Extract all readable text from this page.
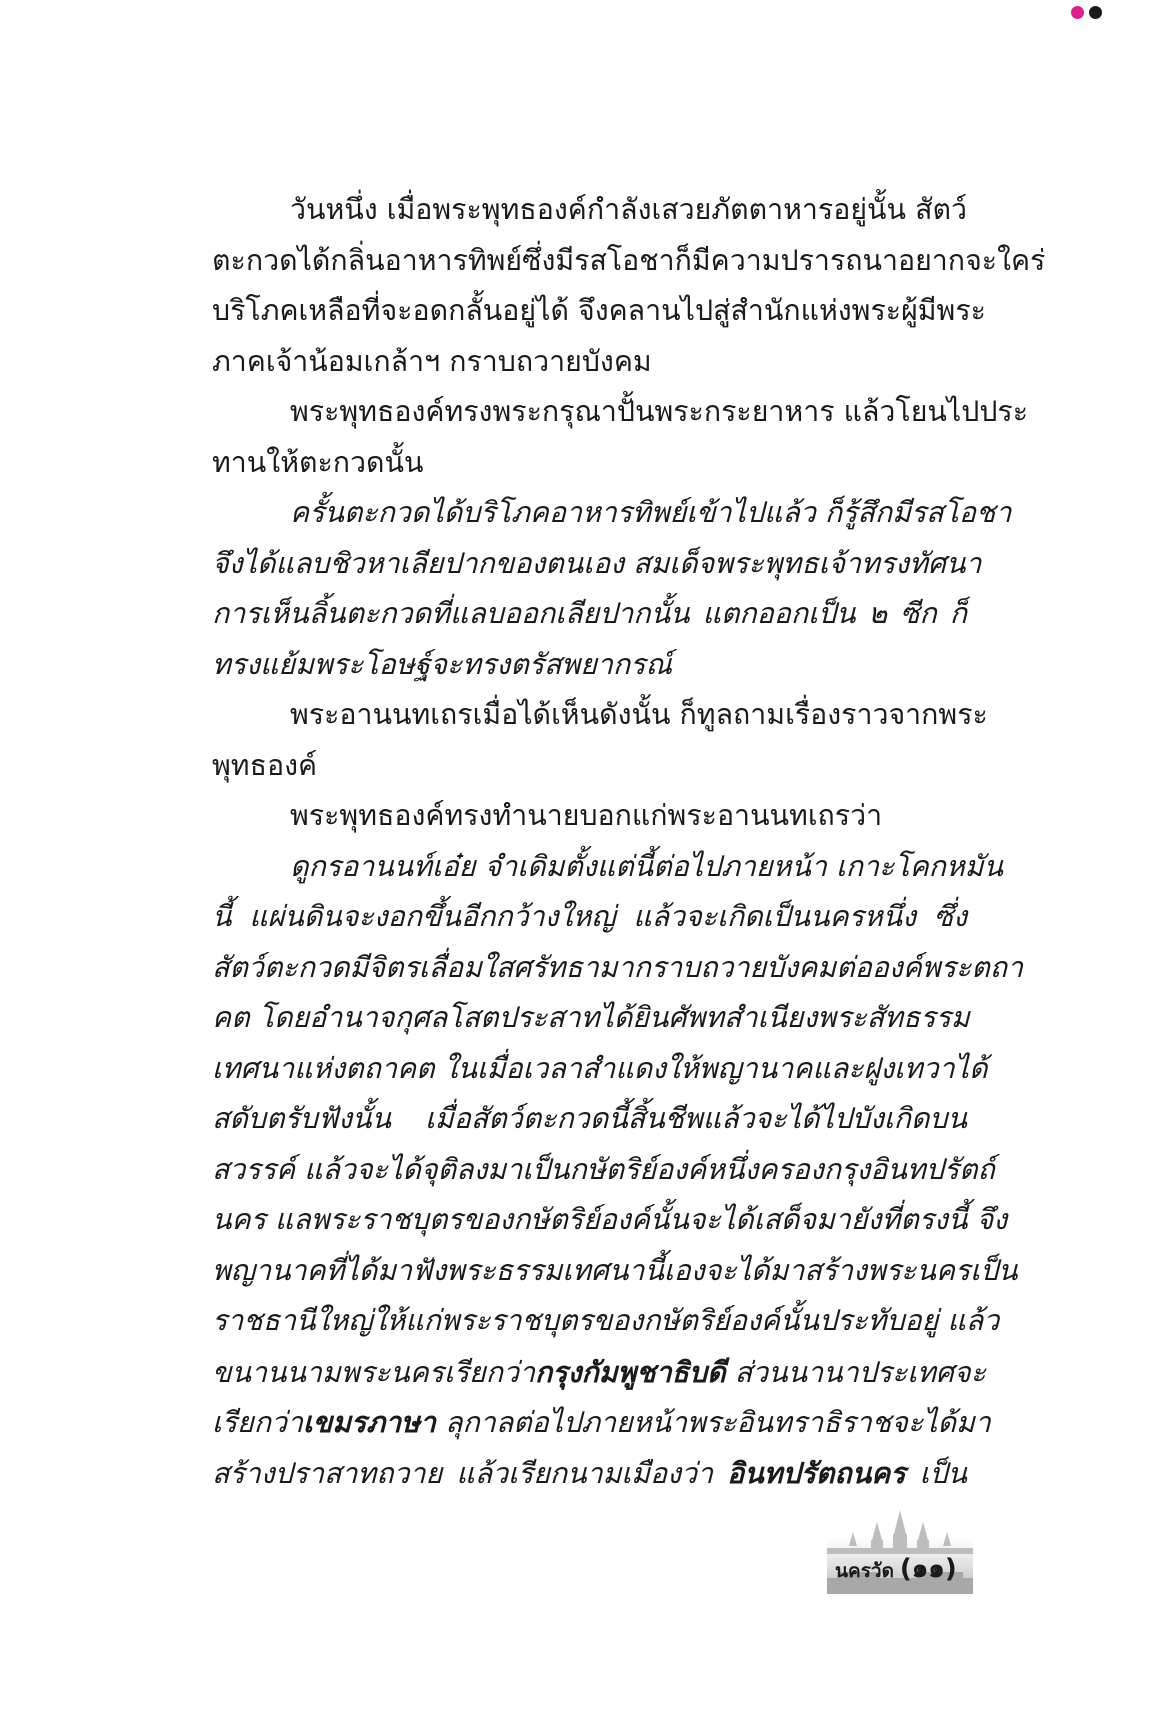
วันหนึ่ง เมื่อพระพุทธองค์กำลังเสวยภัตตาหารอยู่นั้น สัตว์
ตะกวดได้กลิ่นอาหารทิพย์ซึ่งมีรสโอชาก็มีความปรารถนาอยากจะใคร่
บริโภคเหลือที่จะอดกลั้นอยู่ได้ จึงคลานไปสู่สำนักแห่งพระผู้มีพระ
ภาคเจ้าน้อมเกล้าฯ กราบถวายบังคม
พระพุทธองค์ทรงพระกรุณาปั้นพระกระยาหาร แล้วโยนไปประ
ทานให้ตะกวดนั้น
ครั้นตะกวดได้บริโภคอาหารทิพย์เข้าไปแล้ว ก็รู้สึกมีรสโอชา
จึงได้แลบชิวหาเลียปากของตนเอง สมเด็จพระพุทธเจ้าทรงทัศนา
การเห็นลิ้นตะกวดที่แลบออกเลียปากนั้น แตกออกเป็น ๒ ซีก ก็
ทรงแย้มพระโอษฐ์จะทรงตรัสพยากรณ์
พระอานนทเถรเมื่อได้เห็นดังนั้น ก็ทูลถามเรื่องราวจากพระ
พุทธองค์
พระพุทธองค์ทรงทำนายบอกแก่พระอานนทเถรว่า
ดูกรอานนท์เอ๋ย จำเดิมตั้งแต่นี้ต่อไปภายหน้า เกาะโคกหมัน
นี้ แผ่นดินจะงอกขึ้นอีกกว้างใหญ่ แล้วจะเกิดเป็นนครหนึ่ง ซึ่ง
สัตว์ตะกวดมีจิตรเลื่อมใสศรัทธามากราบถวายบังคมต่อองค์พระตถา
คต โดยอำนาจกุศลโสตประสาทได้ยินศัพทสำเนียงพระสัทธรรม
เทศนาแห่งตถาคต ในเมื่อเวลาสำแดงให้พญานาคและฝูงเทวาได้
สดับตรับฟังนั้น เมื่อสัตว์ตะกวดนี้สิ้นชีพแล้วจะได้ไปบังเกิดบน
สวรรค์ แล้วจะได้จุติลงมาเป็นกษัตริย์องค์หนึ่งครองกรุงอินทปรัตถ์
นคร แลพระราชบุตรของกษัตริย์องค์นั้นจะได้เสด็จมายังที่ตรงนี้ จึง
พญานาคที่ได้มาฟังพระธรรมเทศนานี้เองจะได้มาสร้างพระนครเป็น
ราชธานีใหญ่ให้แก่พระราชบุตรของกษัตริย์องค์นั้นประทับอยู่ แล้ว
ขนานนามพระนครเรียกว่ากรุงกัมพูชาธิบดี ส่วนนานาประเทศจะ
เรียกว่าเขมรภาษา ลุกาลต่อไปภายหน้าพระอินทราธิราชจะได้มา
สร้างปราสาทถวาย แล้วเรียกนามเมืองว่า อินทปรัตถนคร เป็น
นครวัด (๑๑)
